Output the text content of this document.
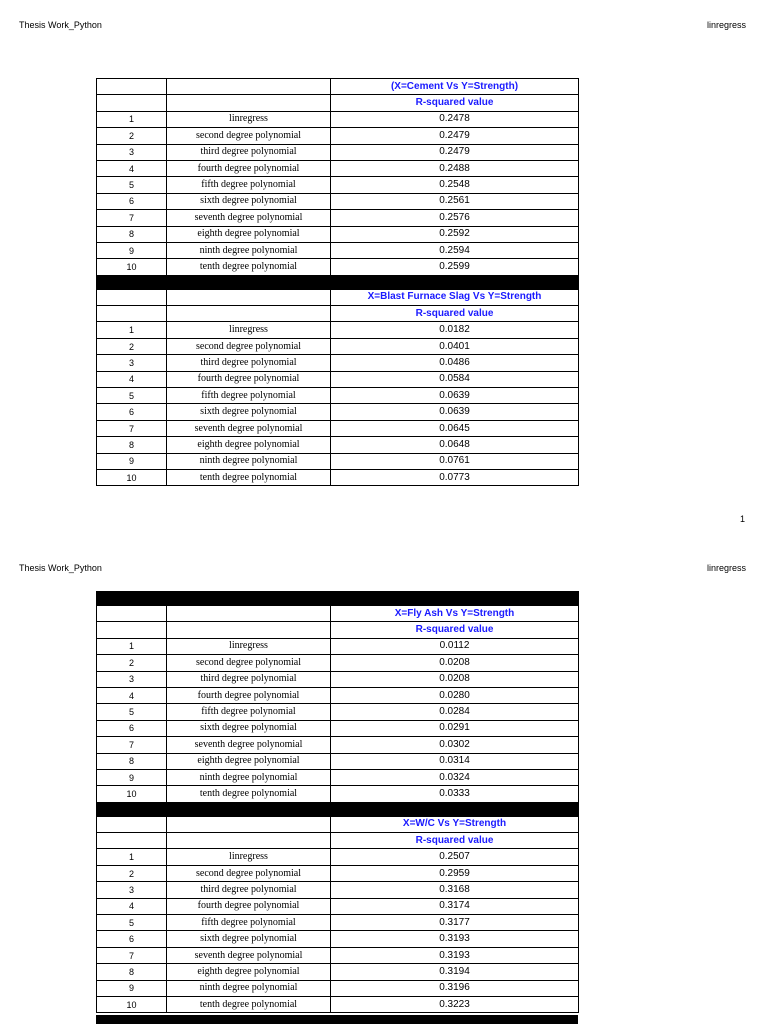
Thesis Work_Python	linregress
		(X=Cement Vs Y=Strength)
		R-squared value
1	linregress	0.2478
2	second degree polynomial	0.2479
3	third degree polynomial	0.2479
4	fourth degree polynomial	0.2488
5	fifth degree polynomial	0.2548
6	sixth degree polynomial	0.2561
7	seventh degree polynomial	0.2576
8	eighth degree polynomial	0.2592
9	ninth degree polynomial	0.2594
10	tenth degree polynomial	0.2599

		X=Blast Furnace Slag Vs Y=Strength
		R-squared value
1	linregress	0.0182
2	second degree polynomial	0.0401
3	third degree polynomial	0.0486
4	fourth degree polynomial	0.0584
5	fifth degree polynomial	0.0639
6	sixth degree polynomial	0.0639
7	seventh degree polynomial	0.0645
8	eighth degree polynomial	0.0648
9	ninth degree polynomial	0.0761
10	tenth degree polynomial	0.0773
1
Thesis Work_Python	linregress

		X=Fly Ash Vs Y=Strength
		R-squared value
1	linregress	0.0112
2	second degree polynomial	0.0208
3	third degree polynomial	0.0208
4	fourth degree polynomial	0.0280
5	fifth degree polynomial	0.0284
6	sixth degree polynomial	0.0291
7	seventh degree polynomial	0.0302
8	eighth degree polynomial	0.0314
9	ninth degree polynomial	0.0324
10	tenth degree polynomial	0.0333

		X=W/C Vs Y=Strength
		R-squared value
1	linregress	0.2507
2	second degree polynomial	0.2959
3	third degree polynomial	0.3168
4	fourth degree polynomial	0.3174
5	fifth degree polynomial	0.3177
6	sixth degree polynomial	0.3193
7	seventh degree polynomial	0.3193
8	eighth degree polynomial	0.3194
9	ninth degree polynomial	0.3196
10	tenth degree polynomial	0.3223
